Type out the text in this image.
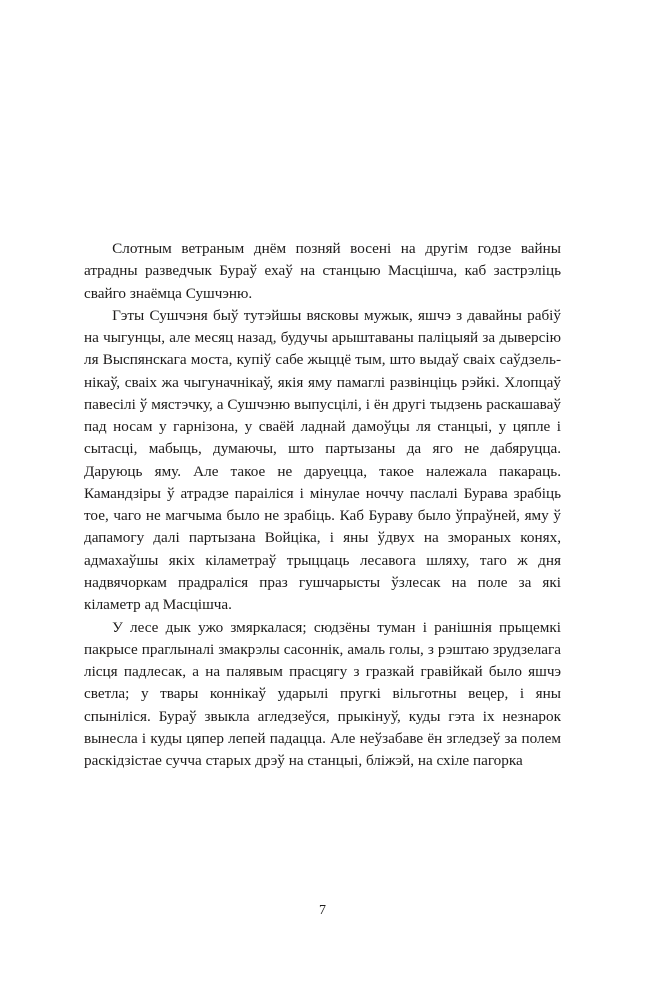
Слотным ветраным днём позняй восені на другім годзе вайны атрадны разведчык Бураў ехаў на станцыю Масцішча, каб застрэліць свайго знаёмца Сушчэню.

Гэты Сушчэня быў тутэйшы вясковы мужык, яшчэ з давайны рабіў на чыгунцы, але месяц назад, будучы арыштаваны паліцыяй за дыверсію ля Выспянскага моста, купіў сабе жыццё тым, што выдаў сваіх саўдзельнікаў, сваіх жа чыгуначнікаў, якія яму памаглі развінціць рэйкі. Хлопцаў павесілі ў мястэчку, а Сушчэню выпусцілі, і ён другі тыдзень раскашаваў пад носам у гарнізона, у сваёй ладнай дамоўцы ля станцыі, у цяпле і сытасці, мабыць, думаючы, што партызаны да яго не дабяруцца. Даруюць яму. Але такое не даруецца, такое належала пакараць. Камандзіры ў атрадзе параіліся і мінулае ноччу паслалі Бурава зрабіць тое, чаго не магчыма было не зрабіць. Каб Бураву было ўпраўней, яму ў дапамогу далі партызана Войціка, і яны ўдвух на змораных конях, адмахаўшы якіх кіламетраў трыццаць лесавога шляху, таго ж дня надвячоркам прадраліся праз гушчарысты ўзлесак на поле за які кіламетр ад Масцішча.

У лесе дык ужо змяркалася; сюдзёны туман і ранішнія прыцемкі пакрысе праглыналі змакрэлы сасоннік, амаль голы, з рэштаю зрудзелага лісця падлесак, а на палявым прасцягу з гразкай гравійкай было яшчэ светла; у твары коннікаў ударылі пругкі вільготны вецер, і яны спыніліся. Бураў звыкла агледзеўся, прыкінуў, куды гэта іх незнарок вынесла і куды цяпер лепей падацца. Але неўзабаве ён згледзеў за полем раскідзістае сучча старых дрэў на станцыі, бліжэй, на схіле пагорка

7
